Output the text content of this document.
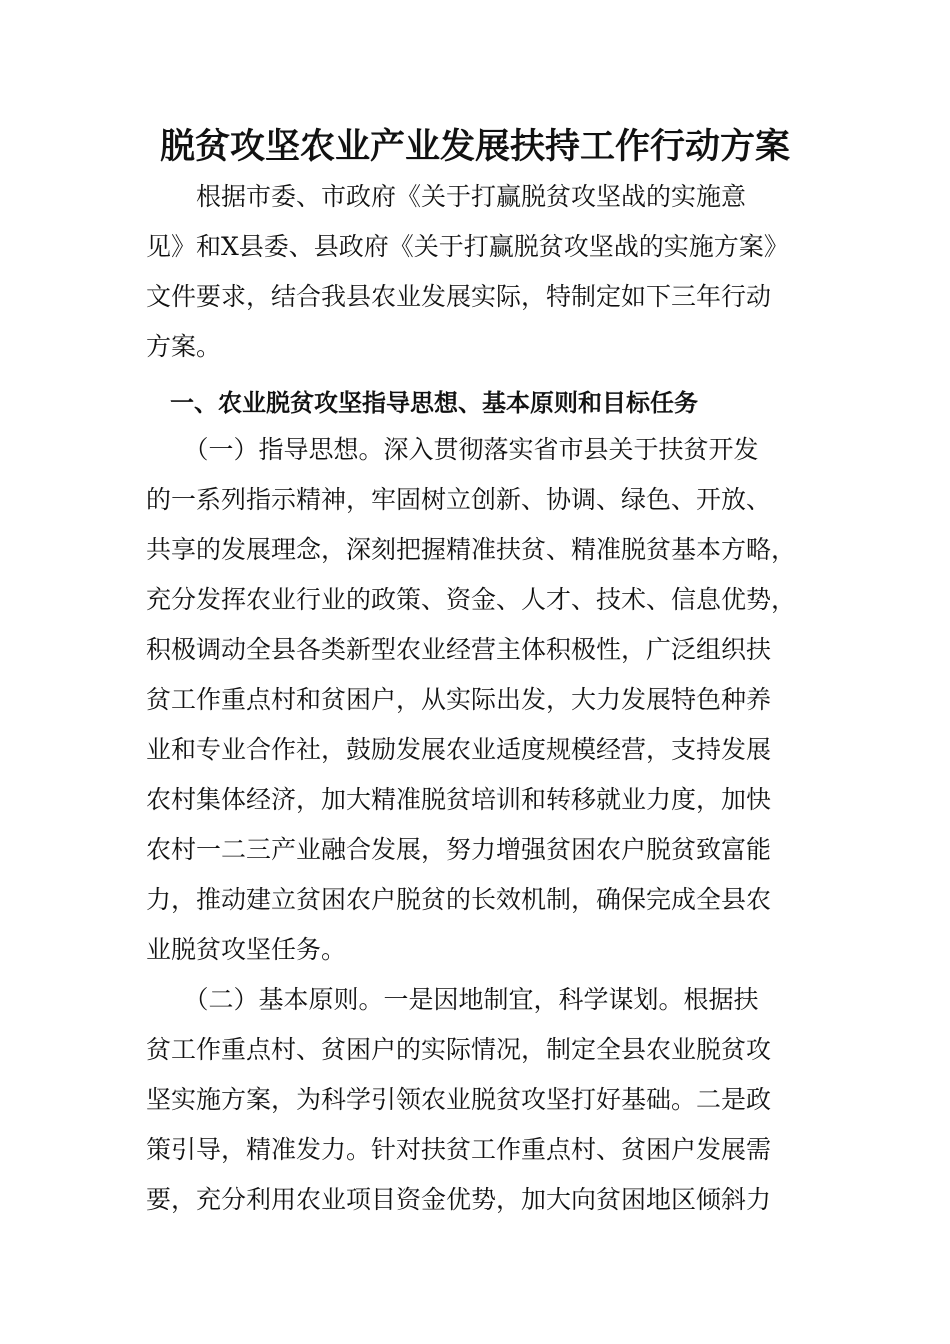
脱贫攻坚农业产业发展扶持工作行动方案
　　根据市委、市政府《关于打赢脱贫攻坚战的实施意
见》和X县委、县政府《关于打赢脱贫攻坚战的实施方案》
文件要求，结合我县农业发展实际，特制定如下三年行动
方案。
一、农业脱贫攻坚指导思想、基本原则和目标任务
　　（一）指导思想。深入贯彻落实省市县关于扶贫开发
的一系列指示精神，牢固树立创新、协调、绿色、开放、
共享的发展理念，深刻把握精准扶贫、精准脱贫基本方略，
充分发挥农业行业的政策、资金、人才、技术、信息优势，
积极调动全县各类新型农业经营主体积极性，广泛组织扶
贫工作重点村和贫困户，从实际出发，大力发展特色种养
业和专业合作社，鼓励发展农业适度规模经营，支持发展
农村集体经济，加大精准脱贫培训和转移就业力度，加快
农村一二三产业融合发展，努力增强贫困农户脱贫致富能
力，推动建立贫困农户脱贫的长效机制，确保完成全县农
业脱贫攻坚任务。
　（二）基本原则。一是因地制宜，科学谋划。根据扶
贫工作重点村、贫困户的实际情况，制定全县农业脱贫攻
坚实施方案，为科学引领农业脱贫攻坚打好基础。二是政
策引导，精准发力。针对扶贫工作重点村、贫困户发展需
要，充分利用农业项目资金优势，加大向贫困地区倾斜力
